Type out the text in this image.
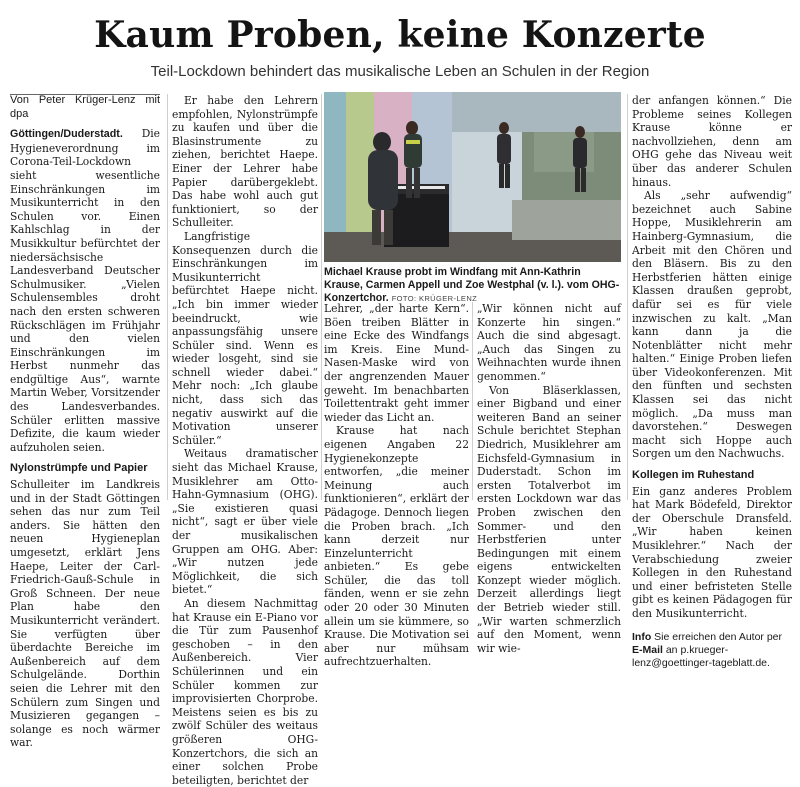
Kaum Proben, keine Konzerte
Teil-Lockdown behindert das musikalische Leben an Schulen in der Region
Von Peter Krüger-Lenz mit dpa

Göttingen/Duderstadt. Die Hygieneverordnung im Corona-Teil-Lockdown sieht wesentliche Einschränkungen im Musikunterricht in den Schulen vor. Einen Kahlschlag in der Musikkultur befürchtet der niedersächsische Landesverband Deutscher Schulmusiker. „Vielen Schulensembles droht nach den ersten schweren Rückschlägen im Frühjahr und den vielen Einschränkungen im Herbst nunmehr das endgültige Aus“, warnte Martin Weber, Vorsitzender des Landesverbandes. Schüler erlitten massive Defizite, die kaum wieder aufzuholen seien.

Nylonstrümpfe und Papier

Schulleiter im Landkreis und in der Stadt Göttingen sehen das nur zum Teil anders. Sie hätten den neuen Hygieneplan umgesetzt, erklärt Jens Haepe, Leiter der Carl-Friedrich-Gauß-Schule in Groß Schneen. Der neue Plan habe den Musikunterricht verändert. Sie verfügten über überdachte Bereiche im Außenbereich auf dem Schulgelände. Dorthin seien die Lehrer mit den Schülern zum Singen und Musizieren gegangen – solange es noch wärmer war.

Er habe den Lehrern empfohlen, Nylonstrümpfe zu kaufen und über die Blasinstrumente zu ziehen, berichtet Haepe. Einer der Lehrer habe Papier darübergeklebt. Das habe wohl auch gut funktioniert, so der Schulleiter.

Langfristige Konsequenzen durch die Einschränkungen im Musikunterricht befürchtet Haepe nicht. „Ich bin immer wieder beeindruckt, wie anpassungsfähig unsere Schüler sind. Wenn es wieder losgeht, sind sie schnell wieder dabei.“ Mehr noch: „Ich glaube nicht, dass sich das negativ auswirkt auf die Motivation unserer Schüler.“

Weitaus dramatischer sieht das Michael Krause, Musiklehrer am Otto-Hahn-Gymnasium (OHG). „Sie existieren quasi nicht“, sagt er über viele der musikalischen Gruppen am OHG. Aber: „Wir nutzen jede Möglichkeit, die sich bietet.“

An diesem Nachmittag hat Krause ein E-Piano vor die Tür zum Pausenhof geschoben – in den Außenbereich. Vier Schülerinnen und ein Schüler kommen zur improvisierten Chorprobe. Meistens seien es bis zu zwölf Schüler des weitaus größeren OHG-Konzertchors, die sich an einer solchen Probe beteiligten, berichtet der

Michael Krause probt im Windfang mit Ann-Kathrin Krause, Carmen Appell und Zoe Westphal (v. l.). vom OHG-Konzertchor. FOTO: KRÜGER-LENZ

Lehrer, „der harte Kern“. Böen treiben Blätter in eine Ecke des Windfangs im Kreis. Eine Mund-Nasen-Maske wird von der angrenzenden Mauer geweht. Im benachbarten Toilettentrakt geht immer wieder das Licht an.

Krause hat nach eigenen Angaben 22 Hygienekonzepte entworfen, „die meiner Meinung auch funktionieren“, erklärt der Pädagoge. Dennoch liegen die Proben brach. „Ich kann derzeit nur Einzelunterricht anbieten.“ Es gebe Schüler, die das toll fänden, wenn er sie zehn oder 20 oder 30 Minuten allein um sie kümmere, so Krause. Die Motivation sei aber nur mühsam aufrechtzuerhalten.

„Wir können nicht auf Konzerte hin singen.“ Auch die sind abgesagt. „Auch das Singen zu Weihnachten wurde ihnen genommen.“

Von Bläserklassen, einer Bigband und einer weiteren Band an seiner Schule berichtet Stephan Diedrich, Musiklehrer am Eichsfeld-Gymnasium in Duderstadt. Schon im ersten Totalverbot im ersten Lockdown war das Proben zwischen den Sommer- und den Herbstferien unter Bedingungen mit einem eigens entwickelten Konzept wieder möglich. Derzeit allerdings liegt der Betrieb wieder still. „Wir warten schmerzlich auf den Moment, wenn wir wie-

der anfangen können.“ Die Probleme seines Kollegen Krause könne er nachvollziehen, denn am OHG gehe das Niveau weit über das anderer Schulen hinaus.

Als „sehr aufwendig“ bezeichnet auch Sabine Hoppe, Musiklehrerin am Hainberg-Gymnasium, die Arbeit mit den Chören und den Bläsern. Bis zu den Herbstferien hätten einige Klassen draußen geprobt, dafür sei es für viele inzwischen zu kalt. „Man kann dann ja die Notenblätter nicht mehr halten.“ Einige Proben liefen über Videokonferenzen. Mit den fünften und sechsten Klassen sei das nicht möglich. „Da muss man davorstehen.“ Deswegen macht sich Hoppe auch Sorgen um den Nachwuchs.

Kollegen im Ruhestand

Ein ganz anderes Problem hat Mark Bödefeld, Direktor der Oberschule Dransfeld. „Wir haben keinen Musiklehrer.“ Nach der Verabschiedung zweier Kollegen in den Ruhestand und einer befristeten Stelle gibt es keinen Pädagogen für den Musikunterricht.

Info Sie erreichen den Autor per
E-Mail an p.krueger-lenz@goettinger-tageblatt.de.
